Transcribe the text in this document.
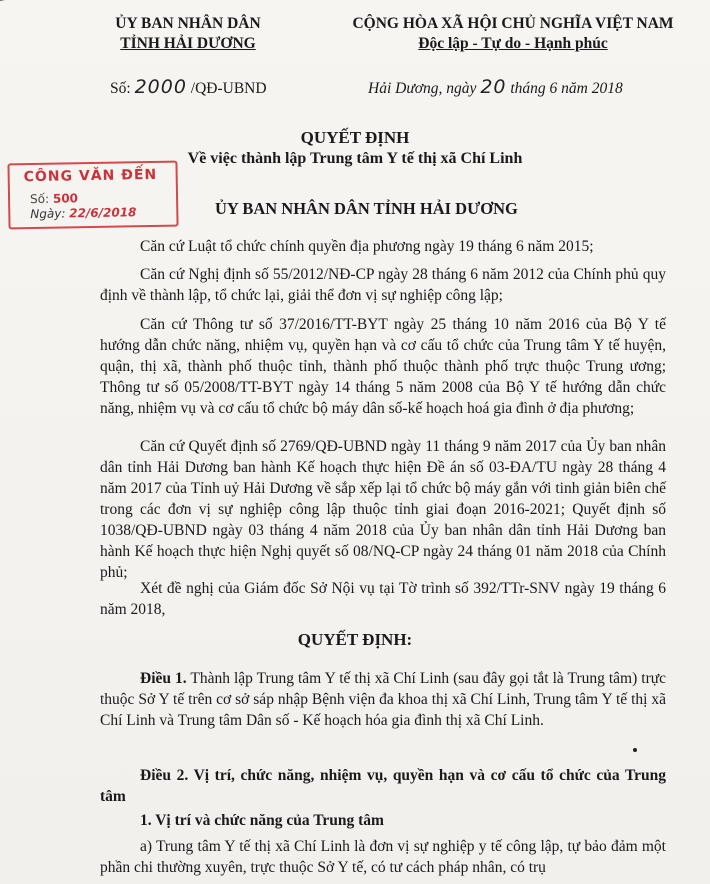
ỦY BAN NHÂN DÂN
TỈNH HẢI DƯƠNG
CỘNG HÒA XÃ HỘI CHỦ NGHĨA VIỆT NAM
Độc lập - Tự do - Hạnh phúc
Số: 2000 /QĐ-UBND	Hải Dương, ngày 20 tháng 6 năm 2018
QUYẾT ĐỊNH
Về việc thành lập Trung tâm Y tế thị xã Chí Linh
CÔNG VĂN ĐẾN
Số: 500
Ngày: 22/6/2018	ỦY BAN NHÂN DÂN TỈNH HẢI DƯƠNG
Căn cứ Luật tổ chức chính quyền địa phương ngày 19 tháng 6 năm 2015;
Căn cứ Nghị định số 55/2012/NĐ-CP ngày 28 tháng 6 năm 2012 của Chính phủ quy định về thành lập, tổ chức lại, giải thể đơn vị sự nghiệp công lập;
Căn cứ Thông tư số 37/2016/TT-BYT ngày 25 tháng 10 năm 2016 của Bộ Y tế hướng dẫn chức năng, nhiệm vụ, quyền hạn và cơ cấu tổ chức của Trung tâm Y tế huyện, quận, thị xã, thành phố thuộc tỉnh, thành phố thuộc thành phố trực thuộc Trung ương; Thông tư số 05/2008/TT-BYT ngày 14 tháng 5 năm 2008 của Bộ Y tế hướng dẫn chức năng, nhiệm vụ và cơ cấu tổ chức bộ máy dân số-kế hoạch hoá gia đình ở địa phương;
Căn cứ Quyết định số 2769/QĐ-UBND ngày 11 tháng 9 năm 2017 của Ủy ban nhân dân tỉnh Hải Dương ban hành Kế hoạch thực hiện Đề án số 03-ĐA/TU ngày 28 tháng 4 năm 2017 của Tỉnh uỷ Hải Dương về sắp xếp lại tổ chức bộ máy gắn với tinh giản biên chế trong các đơn vị sự nghiệp công lập thuộc tỉnh giai đoạn 2016-2021; Quyết định số 1038/QĐ-UBND ngày 03 tháng 4 năm 2018 của Ủy ban nhân dân tỉnh Hải Dương ban hành Kế hoạch thực hiện Nghị quyết số 08/NQ-CP ngày 24 tháng 01 năm 2018 của Chính phủ;
Xét đề nghị của Giám đốc Sở Nội vụ tại Tờ trình số 392/TTr-SNV ngày 19 tháng 6 năm 2018,
QUYẾT ĐỊNH:
Điều 1. Thành lập Trung tâm Y tế thị xã Chí Linh (sau đây gọi tắt là Trung tâm) trực thuộc Sở Y tế trên cơ sở sáp nhập Bệnh viện đa khoa thị xã Chí Linh, Trung tâm Y tế thị xã Chí Linh và Trung tâm Dân số - Kế hoạch hóa gia đình thị xã Chí Linh.
Điều 2. Vị trí, chức năng, nhiệm vụ, quyền hạn và cơ cấu tổ chức của Trung tâm
1. Vị trí và chức năng của Trung tâm
a) Trung tâm Y tế thị xã Chí Linh là đơn vị sự nghiệp y tế công lập, tự bảo đảm một phần chi thường xuyên, trực thuộc Sở Y tế, có tư cách pháp nhân, có trụ
